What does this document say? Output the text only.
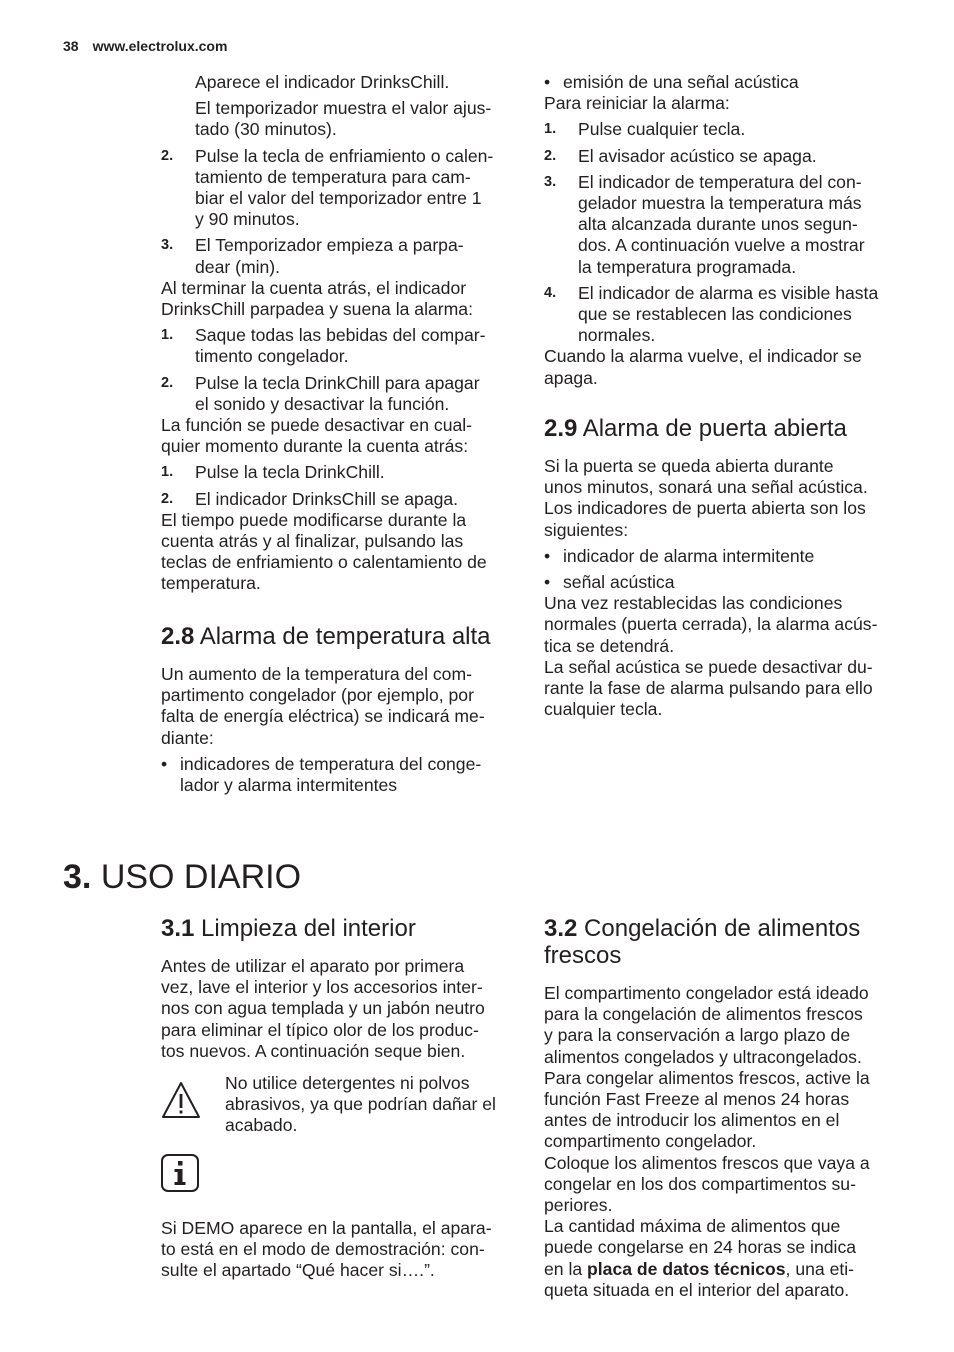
38 www.electrolux.com

Aparece el indicador DrinksChill.

El temporizador muestra el valor ajus-
tado (30 minutos).

2. Pulse la tecla de enfriamiento o calen-
tamiento de temperatura para cam-
biar el valor del temporizador entre 1
y 90 minutos.
3. El Temporizador empieza a parpa-
dear (min).

Al terminar la cuenta atrás, el indicador
DrinksChill parpadea y suena la alarma:

1. Saque todas las bebidas del compar-
timento congelador.
2. Pulse la tecla DrinkChill para apagar
el sonido y desactivar la función.

La función se puede desactivar en cual-
quier momento durante la cuenta atrás:

1. Pulse la tecla DrinkChill.
2. El indicador DrinksChill se apaga.

El tiempo puede modificarse durante la
cuenta atrás y al finalizar, pulsando las
teclas de enfriamiento o calentamiento de
temperatura.

2.8 Alarma de temperatura alta

Un aumento de la temperatura del com-
partimento congelador (por ejemplo, por
falta de energía eléctrica) se indicará me-
diante:

• indicadores de temperatura del conge-
lador y alarma intermitentes
• emisión de una señal acústica

Para reiniciar la alarma:

1. Pulse cualquier tecla.
2. El avisador acústico se apaga.
3. El indicador de temperatura del con-
gelador muestra la temperatura más
alta alcanzada durante unos segun-
dos. A continuación vuelve a mostrar
la temperatura programada.
4. El indicador de alarma es visible hasta
que se restablecen las condiciones
normales.

Cuando la alarma vuelve, el indicador se
apaga.

2.9 Alarma de puerta abierta

Si la puerta se queda abierta durante
unos minutos, sonará una señal acústica.
Los indicadores de puerta abierta son los
siguientes:

• indicador de alarma intermitente
• señal acústica

Una vez restablecidas las condiciones
normales (puerta cerrada), la alarma acús-
tica se detendrá.
La señal acústica se puede desactivar du-
rante la fase de alarma pulsando para ello
cualquier tecla.

3. USO DIARIO
3.1 Limpieza del interior

Antes de utilizar el aparato por primera
vez, lave el interior y los accesorios inter-
nos con agua templada y un jabón neutro
para eliminar el típico olor de los produc-
tos nuevos. A continuación seque bien.

No utilice detergentes ni polvos
abrasivos, ya que podrían dañar el
acabado.

Si DEMO aparece en la pantalla, el apara-
to está en el modo de demostración: con-
sulte el apartado “Qué hacer si….”.

3.2 Congelación de alimentos
frescos

El compartimento congelador está ideado
para la congelación de alimentos frescos
y para la conservación a largo plazo de
alimentos congelados y ultracongelados.
Para congelar alimentos frescos, active la
función Fast Freeze al menos 24 horas
antes de introducir los alimentos en el
compartimento congelador.
Coloque los alimentos frescos que vaya a
congelar en los dos compartimentos su-
periores.
La cantidad máxima de alimentos que
puede congelarse en 24 horas se indica
en la placa de datos técnicos, una eti-
queta situada en el interior del aparato.
